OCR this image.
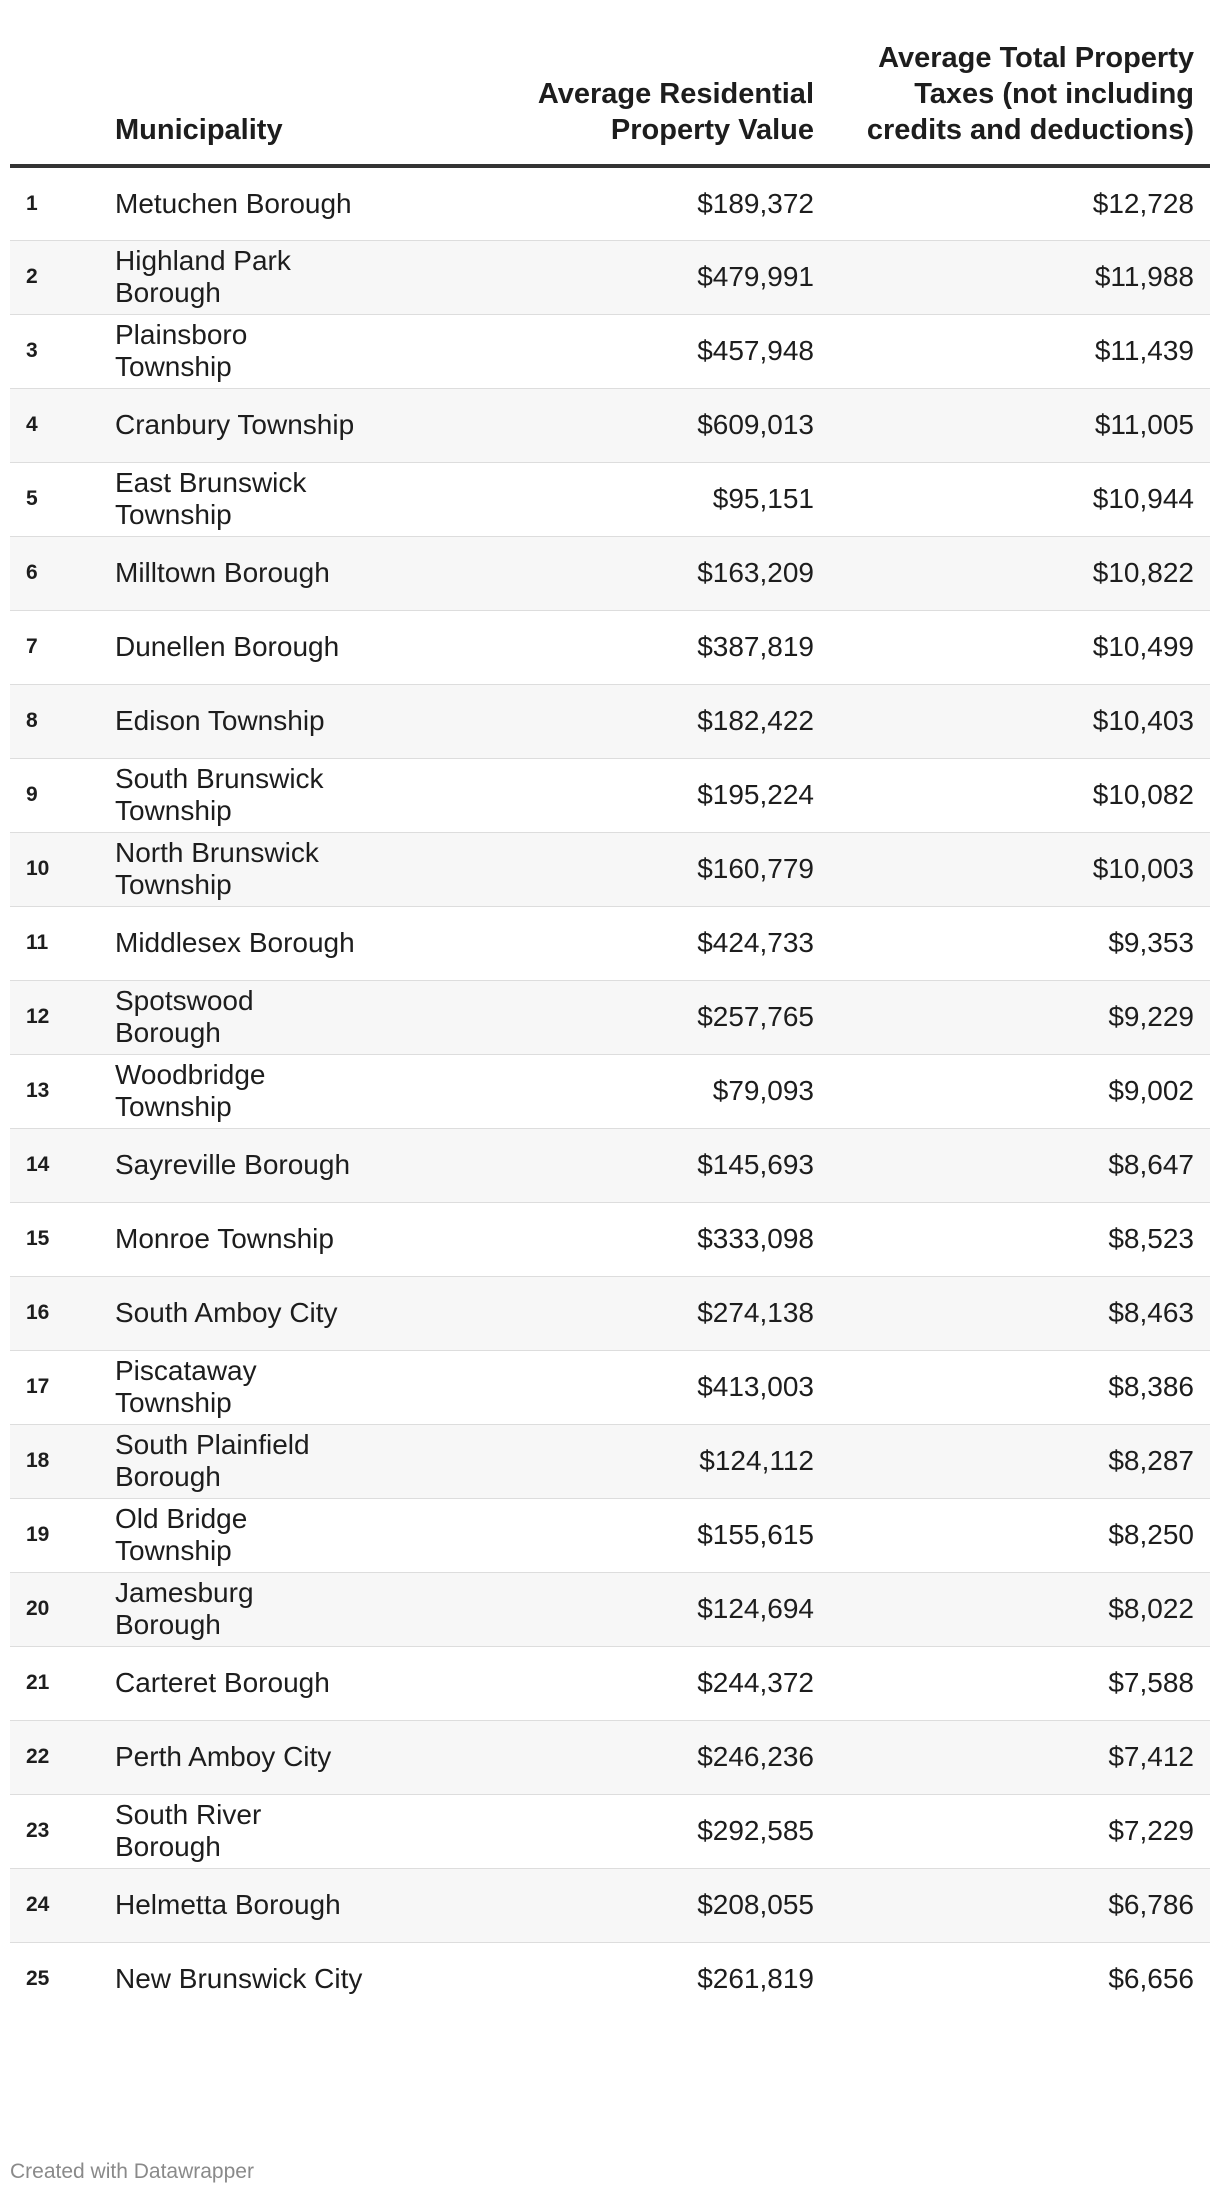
	Municipality	Average Residential Property Value	Average Total Property Taxes (not including credits and deductions)
1	Metuchen Borough	$189,372	$12,728
2	Highland Park Borough	$479,991	$11,988
3	Plainsboro Township	$457,948	$11,439
4	Cranbury Township	$609,013	$11,005
5	East Brunswick Township	$95,151	$10,944
6	Milltown Borough	$163,209	$10,822
7	Dunellen Borough	$387,819	$10,499
8	Edison Township	$182,422	$10,403
9	South Brunswick Township	$195,224	$10,082
10	North Brunswick Township	$160,779	$10,003
11	Middlesex Borough	$424,733	$9,353
12	Spotswood Borough	$257,765	$9,229
13	Woodbridge Township	$79,093	$9,002
14	Sayreville Borough	$145,693	$8,647
15	Monroe Township	$333,098	$8,523
16	South Amboy City	$274,138	$8,463
17	Piscataway Township	$413,003	$8,386
18	South Plainfield Borough	$124,112	$8,287
19	Old Bridge Township	$155,615	$8,250
20	Jamesburg Borough	$124,694	$8,022
21	Carteret Borough	$244,372	$7,588
22	Perth Amboy City	$246,236	$7,412
23	South River Borough	$292,585	$7,229
24	Helmetta Borough	$208,055	$6,786
25	New Brunswick City	$261,819	$6,656
Created with Datawrapper
